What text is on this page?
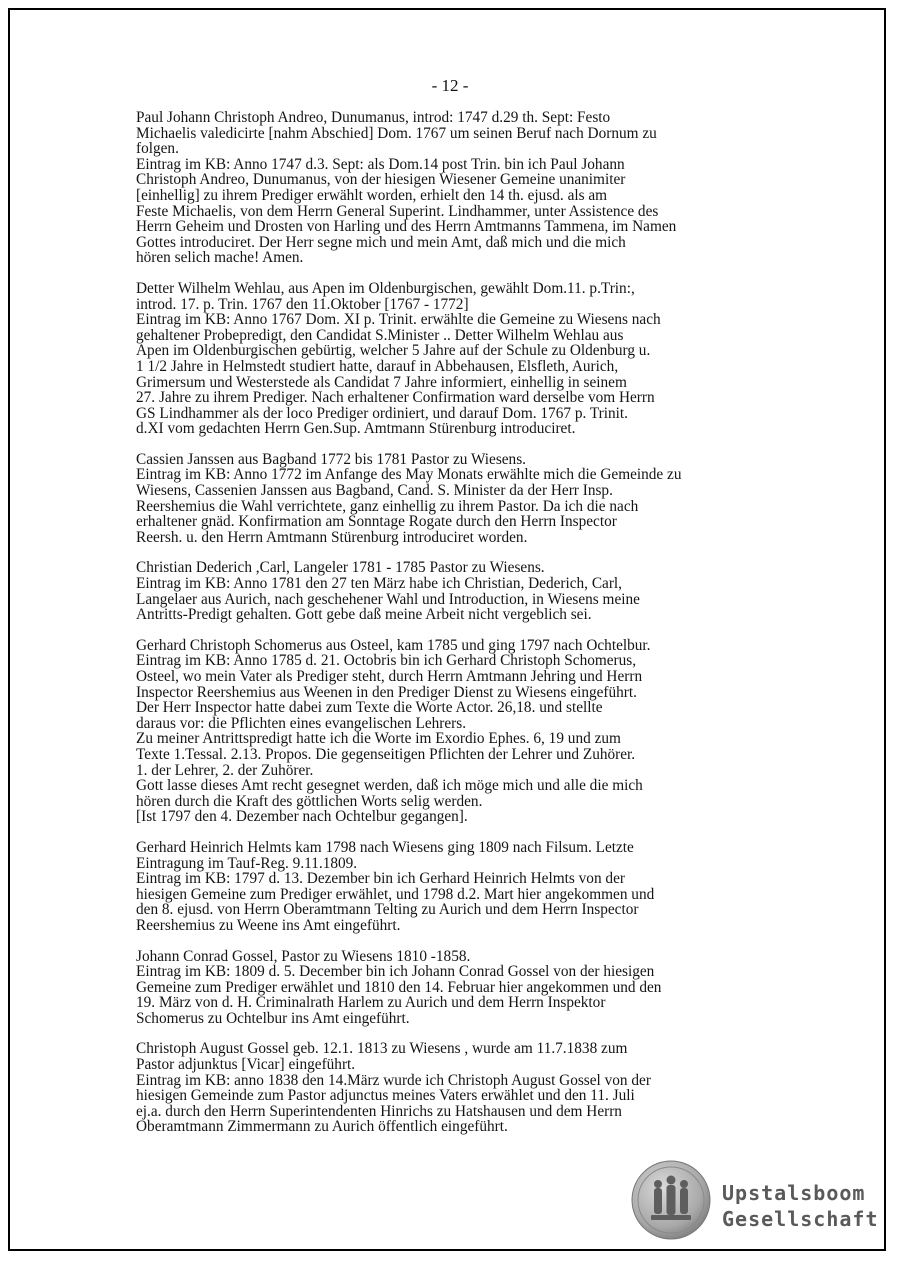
- 12 -
Paul Johann Christoph Andreo, Dunumanus, introd: 1747 d.29 th. Sept: Festo
Michaelis valedicirte [nahm Abschied] Dom. 1767 um seinen Beruf nach Dornum zu
folgen.
Eintrag im KB: Anno 1747 d.3. Sept: als Dom.14 post Trin. bin ich Paul Johann
Christoph Andreo, Dunumanus, von der hiesigen Wiesener Gemeine unanimiter
[einhellig] zu ihrem Prediger erwählt worden, erhielt den 14 th. ejusd. als am
Feste Michaelis, von dem Herrn General Superint. Lindhammer, unter Assistence des
Herrn Geheim und Drosten von Harling und des Herrn Amtmanns Tammena, im Namen
Gottes introduciret. Der Herr segne mich und mein Amt, daß mich und die mich
hören selich mache! Amen.
Detter Wilhelm Wehlau, aus Apen im Oldenburgischen, gewählt Dom.11. p.Trin:,
introd. 17. p. Trin. 1767 den 11.Oktober [1767 - 1772]
Eintrag im KB: Anno 1767 Dom. XI p. Trinit. erwählte die Gemeine zu Wiesens nach
gehaltener Probepredigt, den Candidat S.Minister .. Detter Wilhelm Wehlau aus
Apen im Oldenburgischen gebürtig, welcher 5 Jahre auf der Schule zu Oldenburg u.
1 1/2 Jahre in Helmstedt studiert hatte, darauf in Abbehausen, Elsfleth, Aurich,
Grimersum und Westerstede als Candidat 7 Jahre informiert, einhellig in seinem
27. Jahre zu ihrem Prediger. Nach erhaltener Confirmation ward derselbe vom Herrn
GS Lindhammer als der loco Prediger ordiniert, und darauf Dom. 1767 p. Trinit.
d.XI vom gedachten Herrn Gen.Sup. Amtmann Stürenburg introduciret.
Cassien Janssen aus Bagband 1772 bis 1781 Pastor zu Wiesens.
Eintrag im KB: Anno 1772 im Anfange des May Monats erwählte mich die Gemeinde zu
Wiesens, Cassenien Janssen aus Bagband, Cand. S. Minister da der Herr Insp.
Reershemius die Wahl verrichtete, ganz einhellig zu ihrem Pastor. Da ich die nach
erhaltener gnäd. Konfirmation am Sonntage Rogate durch den Herrn Inspector
Reersh. u. den Herrn Amtmann Stürenburg introduciret worden.
Christian Dederich ,Carl, Langeler 1781 - 1785 Pastor zu Wiesens.
Eintrag im KB: Anno 1781 den 27 ten März habe ich Christian, Dederich, Carl,
Langelaer aus Aurich, nach geschehener Wahl und Introduction, in Wiesens meine
Antritts-Predigt gehalten. Gott gebe daß meine Arbeit nicht vergeblich sei.
Gerhard Christoph Schomerus aus Osteel, kam 1785 und ging 1797 nach Ochtelbur.
Eintrag im KB: Anno 1785 d. 21. Octobris bin ich Gerhard Christoph Schomerus,
Osteel, wo mein Vater als Prediger steht, durch Herrn Amtmann Jehring und Herrn
Inspector Reershemius aus Weenen in den Prediger Dienst zu Wiesens eingeführt.
Der Herr Inspector hatte dabei zum Texte die Worte Actor. 26,18. und stellte
daraus vor: die Pflichten eines evangelischen Lehrers.
Zu meiner Antrittspredigt hatte ich die Worte im Exordio Ephes. 6, 19 und zum
Texte 1.Tessal. 2.13. Propos. Die gegenseitigen Pflichten der Lehrer und Zuhörer.
1. der Lehrer, 2. der Zuhörer.
Gott lasse dieses Amt recht gesegnet werden, daß ich möge mich und alle die mich
hören durch die Kraft des göttlichen Worts selig werden.
[Ist 1797 den 4. Dezember nach Ochtelbur gegangen].
Gerhard Heinrich Helmts kam 1798 nach Wiesens ging 1809 nach Filsum. Letzte
Eintragung im Tauf-Reg. 9.11.1809.
Eintrag im KB: 1797 d. 13. Dezember bin ich Gerhard Heinrich Helmts von der
hiesigen Gemeine zum Prediger erwählet, und 1798 d.2. Mart hier angekommen und
den 8. ejusd. von Herrn Oberamtmann Telting zu Aurich und dem Herrn Inspector
Reershemius zu Weene ins Amt eingeführt.
Johann Conrad Gossel, Pastor zu Wiesens 1810 -1858.
Eintrag im KB: 1809 d. 5. December bin ich Johann Conrad Gossel von der hiesigen
Gemeine zum Prediger erwählet und 1810 den 14. Februar hier angekommen und den
19. März von d. H. Criminalrath Harlem zu Aurich und dem Herrn Inspektor
Schomerus zu Ochtelbur ins Amt eingeführt.
Christoph August Gossel geb. 12.1. 1813 zu Wiesens , wurde am 11.7.1838 zum
Pastor adjunktus [Vicar] eingeführt.
Eintrag im KB: anno 1838 den 14.März wurde ich Christoph August Gossel von der
hiesigen Gemeinde zum Pastor adjunctus meines Vaters erwählet und den 11. Juli
ej.a. durch den Herrn Superintendenten Hinrichs zu Hatshausen und dem Herrn
Oberamtmann Zimmermann zu Aurich öffentlich eingeführt.
Upstalsboom
Gesellschaft
